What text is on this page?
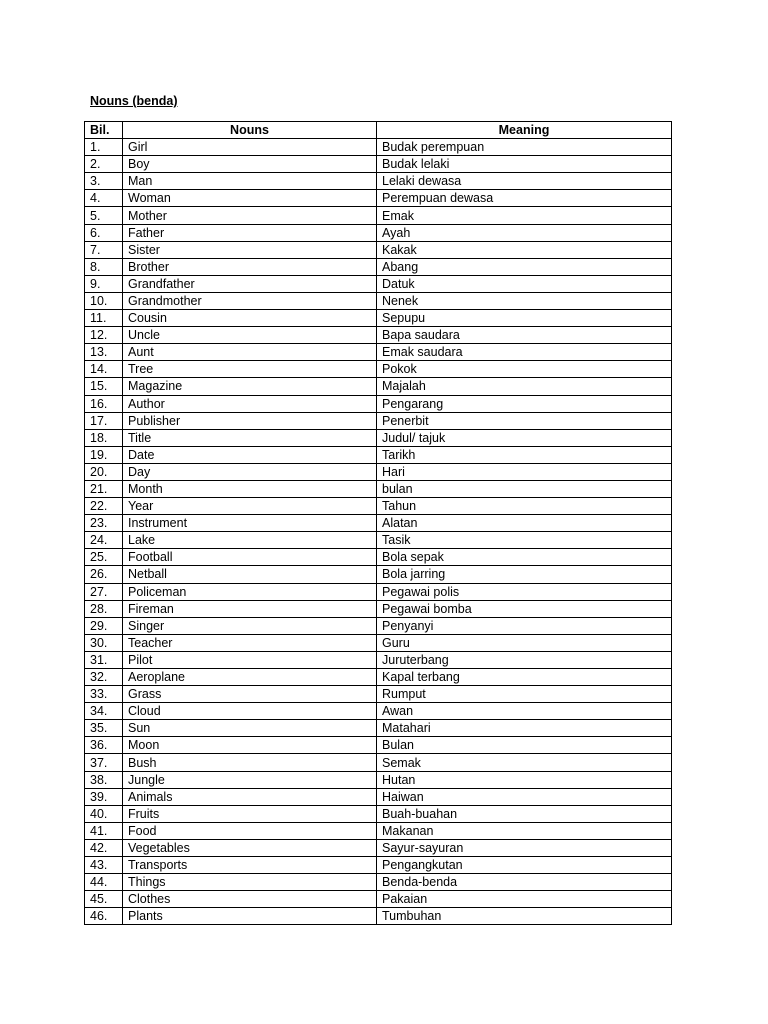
Nouns (benda)
Bil.	Nouns	Meaning
1.	Girl	Budak perempuan
2.	Boy	Budak lelaki
3.	Man	Lelaki dewasa
4.	Woman	Perempuan dewasa
5.	Mother	Emak
6.	Father	Ayah
7.	Sister	Kakak
8.	Brother	Abang
9.	Grandfather	Datuk
10.	Grandmother	Nenek
11.	Cousin	Sepupu
12.	Uncle	Bapa saudara
13.	Aunt	Emak saudara
14.	Tree	Pokok
15.	Magazine	Majalah
16.	Author	Pengarang
17.	Publisher	Penerbit
18.	Title	Judul/ tajuk
19.	Date	Tarikh
20.	Day	Hari
21.	Month	bulan
22.	Year	Tahun
23.	Instrument	Alatan
24.	Lake	Tasik
25.	Football	Bola sepak
26.	Netball	Bola jarring
27.	Policeman	Pegawai polis
28.	Fireman	Pegawai bomba
29.	Singer	Penyanyi
30.	Teacher	Guru
31.	Pilot	Juruterbang
32.	Aeroplane	Kapal terbang
33.	Grass	Rumput
34.	Cloud	Awan
35.	Sun	Matahari
36.	Moon	Bulan
37.	Bush	Semak
38.	Jungle	Hutan
39.	Animals	Haiwan
40.	Fruits	Buah-buahan
41.	Food	Makanan
42.	Vegetables	Sayur-sayuran
43.	Transports	Pengangkutan
44.	Things	Benda-benda
45.	Clothes	Pakaian
46.	Plants	Tumbuhan
